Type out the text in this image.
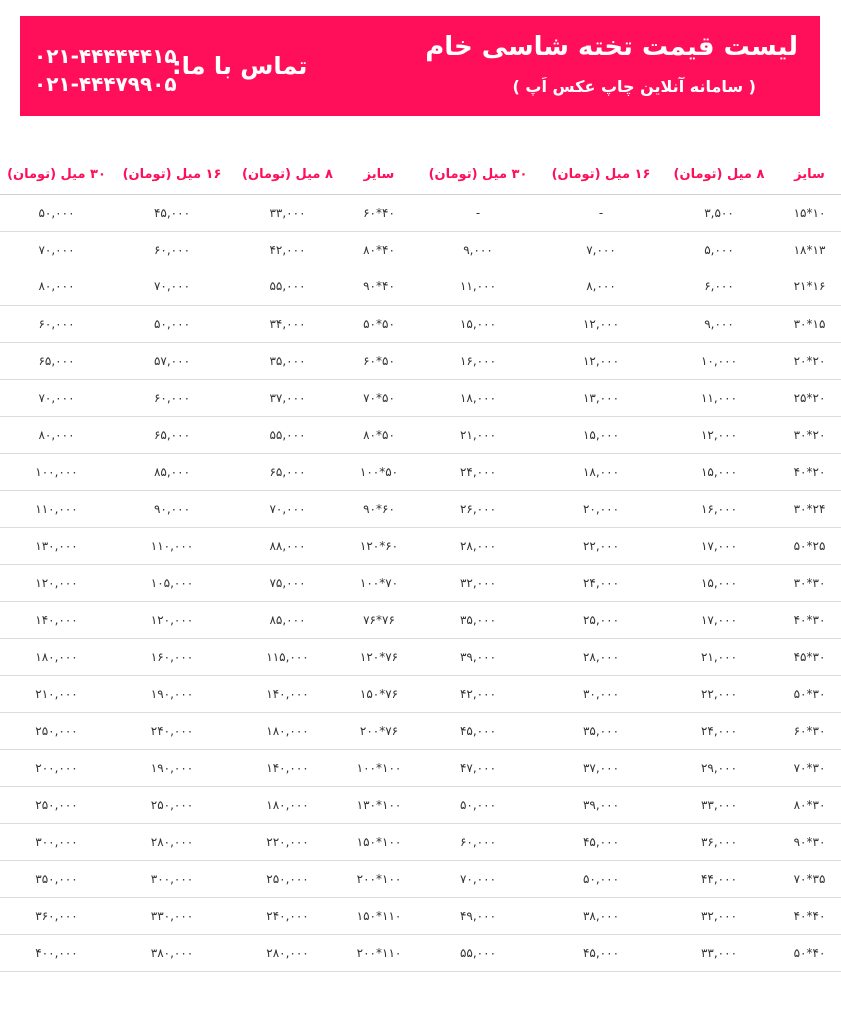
لیست قیمت تخته شاسی خام
( سامانه آنلاین چاپ عکس اَپ )
تماس با ما:
۰۲۱-۴۴۴۴۴۴۱۵
۰۲۱-۴۴۴۷۹۹۰۵
سایز	۸ میل (تومان)	۱۶ میل (تومان)	۳۰ میل (تومان)	سایز	۸ میل (تومان)	۱۶ میل (تومان)	۳۰ میل (تومان)
۱۰*۱۵	۳,۵۰۰	-	-	۴۰*۶۰	۳۳,۰۰۰	۴۵,۰۰۰	۵۰,۰۰۰
۱۳*۱۸	۵,۰۰۰	۷,۰۰۰	۹,۰۰۰	۴۰*۸۰	۴۲,۰۰۰	۶۰,۰۰۰	۷۰,۰۰۰
۱۶*۲۱	۶,۰۰۰	۸,۰۰۰	۱۱,۰۰۰	۴۰*۹۰	۵۵,۰۰۰	۷۰,۰۰۰	۸۰,۰۰۰
۱۵*۳۰	۹,۰۰۰	۱۲,۰۰۰	۱۵,۰۰۰	۵۰*۵۰	۳۴,۰۰۰	۵۰,۰۰۰	۶۰,۰۰۰
۲۰*۲۰	۱۰,۰۰۰	۱۲,۰۰۰	۱۶,۰۰۰	۵۰*۶۰	۳۵,۰۰۰	۵۷,۰۰۰	۶۵,۰۰۰
۲۰*۲۵	۱۱,۰۰۰	۱۳,۰۰۰	۱۸,۰۰۰	۵۰*۷۰	۳۷,۰۰۰	۶۰,۰۰۰	۷۰,۰۰۰
۲۰*۳۰	۱۲,۰۰۰	۱۵,۰۰۰	۲۱,۰۰۰	۵۰*۸۰	۵۵,۰۰۰	۶۵,۰۰۰	۸۰,۰۰۰
۲۰*۴۰	۱۵,۰۰۰	۱۸,۰۰۰	۲۴,۰۰۰	۵۰*۱۰۰	۶۵,۰۰۰	۸۵,۰۰۰	۱۰۰,۰۰۰
۲۴*۳۰	۱۶,۰۰۰	۲۰,۰۰۰	۲۶,۰۰۰	۶۰*۹۰	۷۰,۰۰۰	۹۰,۰۰۰	۱۱۰,۰۰۰
۲۵*۵۰	۱۷,۰۰۰	۲۲,۰۰۰	۲۸,۰۰۰	۶۰*۱۲۰	۸۸,۰۰۰	۱۱۰,۰۰۰	۱۳۰,۰۰۰
۳۰*۳۰	۱۵,۰۰۰	۲۴,۰۰۰	۳۲,۰۰۰	۷۰*۱۰۰	۷۵,۰۰۰	۱۰۵,۰۰۰	۱۲۰,۰۰۰
۳۰*۴۰	۱۷,۰۰۰	۲۵,۰۰۰	۳۵,۰۰۰	۷۶*۷۶	۸۵,۰۰۰	۱۲۰,۰۰۰	۱۴۰,۰۰۰
۳۰*۴۵	۲۱,۰۰۰	۲۸,۰۰۰	۳۹,۰۰۰	۷۶*۱۲۰	۱۱۵,۰۰۰	۱۶۰,۰۰۰	۱۸۰,۰۰۰
۳۰*۵۰	۲۲,۰۰۰	۳۰,۰۰۰	۴۲,۰۰۰	۷۶*۱۵۰	۱۴۰,۰۰۰	۱۹۰,۰۰۰	۲۱۰,۰۰۰
۳۰*۶۰	۲۴,۰۰۰	۳۵,۰۰۰	۴۵,۰۰۰	۷۶*۲۰۰	۱۸۰,۰۰۰	۲۴۰,۰۰۰	۲۵۰,۰۰۰
۳۰*۷۰	۲۹,۰۰۰	۳۷,۰۰۰	۴۷,۰۰۰	۱۰۰*۱۰۰	۱۴۰,۰۰۰	۱۹۰,۰۰۰	۲۰۰,۰۰۰
۳۰*۸۰	۳۳,۰۰۰	۳۹,۰۰۰	۵۰,۰۰۰	۱۰۰*۱۳۰	۱۸۰,۰۰۰	۲۵۰,۰۰۰	۲۵۰,۰۰۰
۳۰*۹۰	۳۶,۰۰۰	۴۵,۰۰۰	۶۰,۰۰۰	۱۰۰*۱۵۰	۲۲۰,۰۰۰	۲۸۰,۰۰۰	۳۰۰,۰۰۰
۳۵*۷۰	۴۴,۰۰۰	۵۰,۰۰۰	۷۰,۰۰۰	۱۰۰*۲۰۰	۲۵۰,۰۰۰	۳۰۰,۰۰۰	۳۵۰,۰۰۰
۴۰*۴۰	۳۲,۰۰۰	۳۸,۰۰۰	۴۹,۰۰۰	۱۱۰*۱۵۰	۲۴۰,۰۰۰	۳۳۰,۰۰۰	۳۶۰,۰۰۰
۴۰*۵۰	۳۳,۰۰۰	۴۵,۰۰۰	۵۵,۰۰۰	۱۱۰*۲۰۰	۲۸۰,۰۰۰	۳۸۰,۰۰۰	۴۰۰,۰۰۰
